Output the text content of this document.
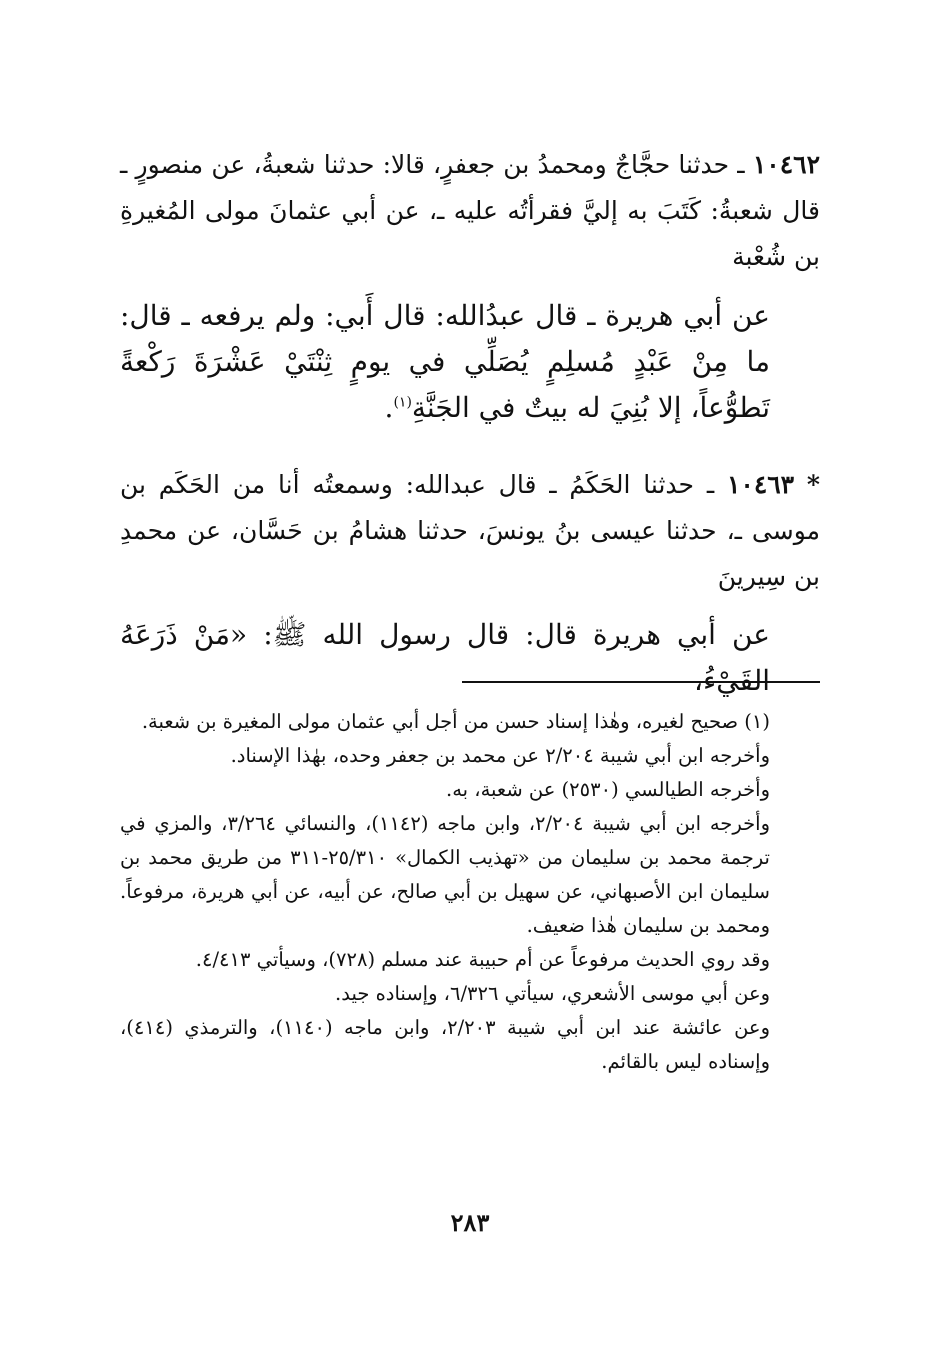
١٠٤٦٢ ـ حدثنا حجَّاجٌ ومحمدُ بن جعفرٍ، قالا: حدثنا شعبةُ، عن منصورٍ ـ قال شعبةُ: كَتَبَ به إليَّ فقرأتُه عليه ـ، عن أبي عثمانَ مولى المُغيرةِ بن شُعْبة

عن أبي هريرة ـ قال عبدُالله: قال أَبي: ولم يرفعه ـ قال: ما مِنْ عَبْدٍ مُسلِمٍ يُصَلِّي في يومٍ ثِنْتَيْ عَشْرَةَ رَكْعةً تَطوُّعاً، إلا بُنِيَ له بيتٌ في الجَنَّةِ$^{(١)}$.

* ١٠٤٦٣ ـ حدثنا الحَكَمُ ـ قال عبدالله: وسمعتُه أنا من الحَكَم بن موسى ـ، حدثنا عيسى بنُ يونسَ، حدثنا هشامُ بن حَسَّان، عن محمدِ بن سِيرينَ

عن أبي هريرة قال: قال رسول الله ﷺ: «مَنْ ذَرَعَهُ القَيْءُ،

(١) صحيح لغيره، وهٰذا إسناد حسن من أجل أبي عثمان مولى المغيرة بن شعبة.

وأخرجه ابن أبي شيبة ٢/٢٠٤ عن محمد بن جعفر وحده، بهٰذا الإسناد.

وأخرجه الطيالسي (٢٥٣٠) عن شعبة، به.

وأخرجه ابن أبي شيبة ٢/٢٠٤، وابن ماجه (١١٤٢)، والنسائي ٣/٢٦٤، والمزي في ترجمة محمد بن سليمان من «تهذيب الكمال» ٢٥/٣١٠-٣١١ من طريق محمد بن سليمان ابن الأصبهاني، عن سهيل بن أبي صالح، عن أبيه، عن أبي هريرة، مرفوعاً. ومحمد بن سليمان هٰذا ضعيف.

وقد روي الحديث مرفوعاً عن أم حبيبة عند مسلم (٧٢٨)، وسيأتي ٤/٤١٣.

وعن أبي موسى الأشعري، سيأتي ٦/٣٢٦، وإسناده جيد.

وعن عائشة عند ابن أبي شيبة ٢/٢٠٣، وابن ماجه (١١٤٠)، والترمذي (٤١٤)، وإسناده ليس بالقائم.

٢٨٣
